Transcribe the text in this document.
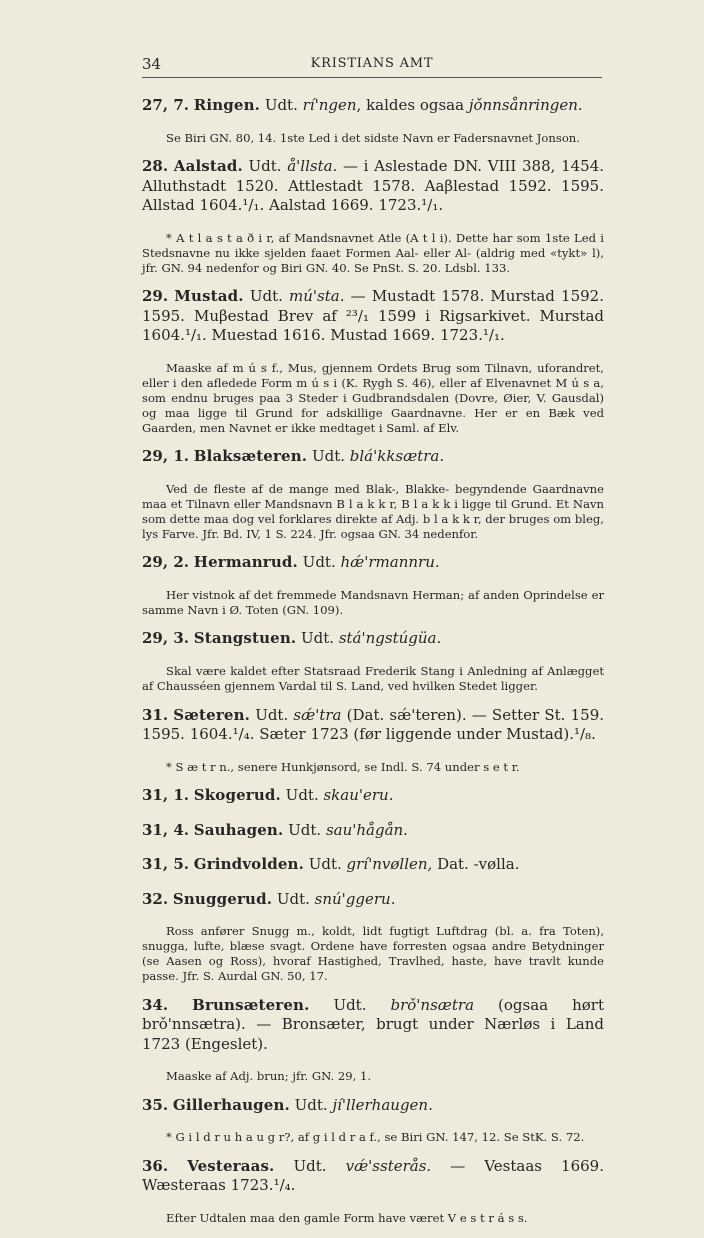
34	KRISTIANS AMT

27, 7. Ringen. Udt. rí'ngen, kaldes ogsaa jǒnnsånringen.

Se Biri GN. 80, 14. 1ste Led i det sidste Navn er Fadersnavnet Jonson.

28. Aalstad. Udt. å'llsta. — i Aslestade DN. VIII 388, 1454. Alluthstadt 1520. Attlestadt 1578. Aaβlestad 1592. 1595. Allstad 1604.¹/₁. Aalstad 1669. 1723.¹/₁.

* A t l a s t a ð i r, af Mandsnavnet Atle (A t l i). Dette har som 1ste Led i Stedsnavne nu ikke sjelden faaet Formen Aal- eller Al- (aldrig med «tykt» l), jfr. GN. 94 nedenfor og Biri GN. 40. Se PnSt. S. 20. Ldsbl. 133.

29. Mustad. Udt. mú'sta. — Mustadt 1578. Murstad 1592. 1595. Muβestad Brev af ²³/₁ 1599 i Rigsarkivet. Murstad 1604.¹/₁. Muestad 1616. Mustad 1669. 1723.¹/₁.

Maaske af m ú s f., Mus, gjennem Ordets Brug som Tilnavn, uforandret, eller i den afledede Form m ú s i (K. Rygh S. 46), eller af Elvenavnet M ú s a, som endnu bruges paa 3 Steder i Gudbrandsdalen (Dovre, Øier, V. Gausdal) og maa ligge til Grund for adskillige Gaardnavne. Her er en Bæk ved Gaarden, men Navnet er ikke medtaget i Saml. af Elv.

29, 1. Blaksæteren. Udt. blá'kksætra.

Ved de fleste af de mange med Blak-, Blakke- begyndende Gaardnavne maa et Tilnavn eller Mandsnavn B l a k k r, B l a k k i ligge til Grund. Et Navn som dette maa dog vel forklares direkte af Adj. b l a k k r, der bruges om bleg, lys Farve. Jfr. Bd. IV, 1 S. 224. Jfr. ogsaa GN. 34 nedenfor.

29, 2. Hermanrud. Udt. hǽ'rmannru.

Her vistnok af det fremmede Mandsnavn Herman; af anden Oprindelse er samme Navn i Ø. Toten (GN. 109).

29, 3. Stangstuen. Udt. stá'ngstúgüa.

Skal være kaldet efter Statsraad Frederik Stang i Anledning af Anlægget af Chausséen gjennem Vardal til S. Land, ved hvilken Stedet ligger.

31. Sæteren. Udt. sǽ'tra (Dat. sǽ'teren). — Setter St. 159. 1595. 1604.¹/₄. Sæter 1723 (før liggende under Mustad).¹/₈.

* S æ t r n., senere Hunkjønsord, se Indl. S. 74 under s e t r.

31, 1. Skogerud. Udt. skau'eru.

31, 4. Sauhagen. Udt. sau'hågån.

31, 5. Grindvolden. Udt. grí'nvøllen, Dat. -vølla.

32. Snuggerud. Udt. snú'ggeru.

Ross anfører Snugg m., koldt, lidt fugtigt Luftdrag (bl. a. fra Toten), snugga, lufte, blæse svagt. Ordene have forresten ogsaa andre Betydninger (se Aasen og Ross), hvoraf Hastighed, Travlhed, haste, have travlt kunde passe. Jfr. S. Aurdal GN. 50, 17.

34. Brunsæteren. Udt. brǒ'nsætra (ogsaa hørt brǒ'nnsætra). — Bronsæter, brugt under Nærløs i Land 1723 (Engeslet).

Maaske af Adj. brun; jfr. GN. 29, 1.

35. Gillerhaugen. Udt. jí'llerhaugen.

* G i l d r u h a u g r?, af g i l d r a f., se Biri GN. 147, 12. Se StK. S. 72.

36. Vesteraas. Udt. vǽ'ssterås. — Vestaas 1669. Wæsteraas 1723.¹/₄.

Efter Udtalen maa den gamle Form have været V e s t r á s s.
